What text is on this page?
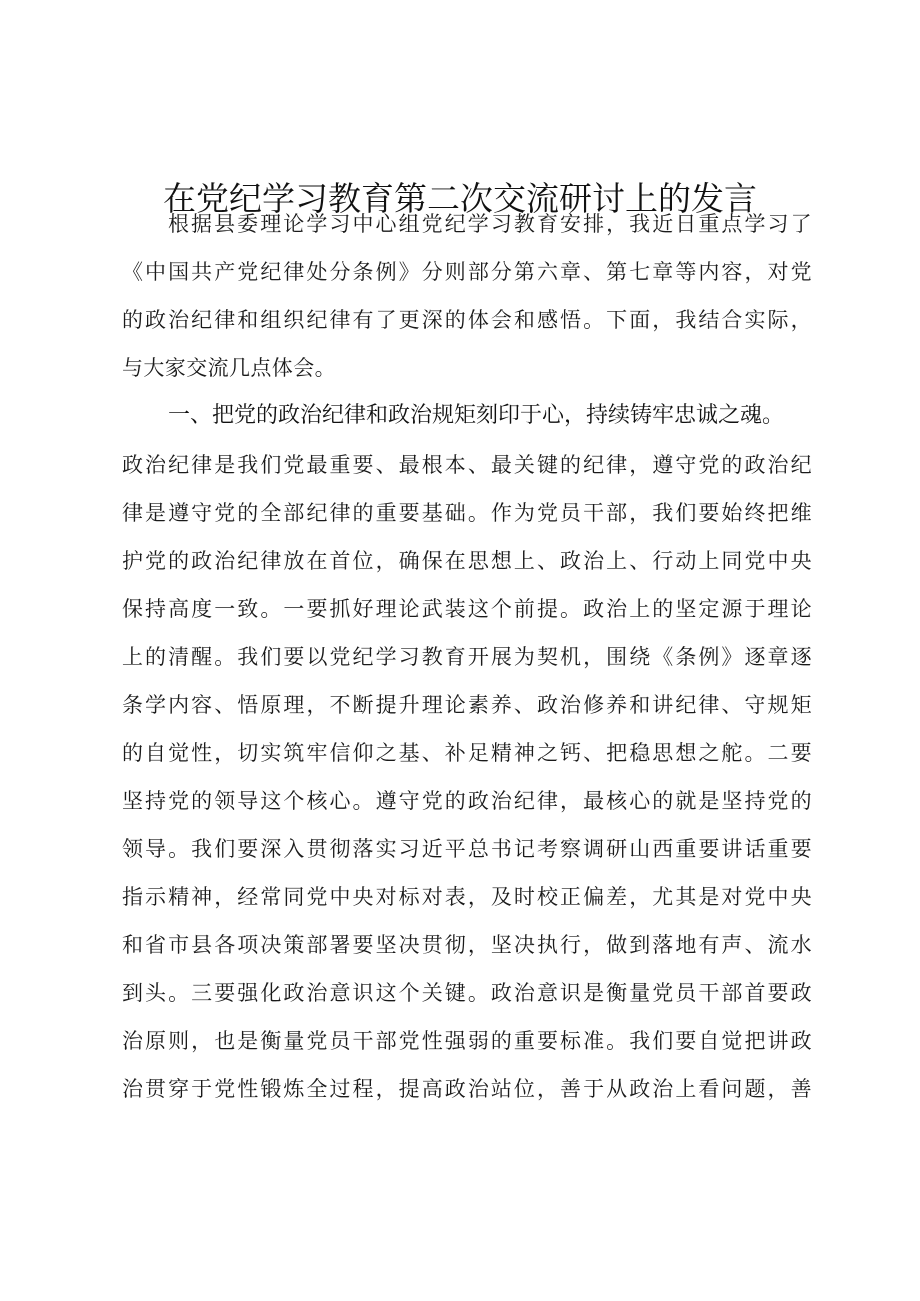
在党纪学习教育第二次交流研讨上的发言
根据县委理论学习中心组党纪学习教育安排，我近日重点学习了
《中国共产党纪律处分条例》分则部分第六章、第七章等内容，对党
的政治纪律和组织纪律有了更深的体会和感悟。下面，我结合实际，
与大家交流几点体会。
一、把党的政治纪律和政治规矩刻印于心，持续铸牢忠诚之魂。
政治纪律是我们党最重要、最根本、最关键的纪律，遵守党的政治纪
律是遵守党的全部纪律的重要基础。作为党员干部，我们要始终把维
护党的政治纪律放在首位，确保在思想上、政治上、行动上同党中央
保持高度一致。一要抓好理论武装这个前提。政治上的坚定源于理论
上的清醒。我们要以党纪学习教育开展为契机，围绕《条例》逐章逐
条学内容、悟原理，不断提升理论素养、政治修养和讲纪律、守规矩
的自觉性，切实筑牢信仰之基、补足精神之钙、把稳思想之舵。二要
坚持党的领导这个核心。遵守党的政治纪律，最核心的就是坚持党的
领导。我们要深入贯彻落实习近平总书记考察调研山西重要讲话重要
指示精神，经常同党中央对标对表，及时校正偏差，尤其是对党中央
和省市县各项决策部署要坚决贯彻，坚决执行，做到落地有声、流水
到头。三要强化政治意识这个关键。政治意识是衡量党员干部首要政
治原则，也是衡量党员干部党性强弱的重要标准。我们要自觉把讲政
治贯穿于党性锻炼全过程，提高政治站位，善于从政治上看问题，善
